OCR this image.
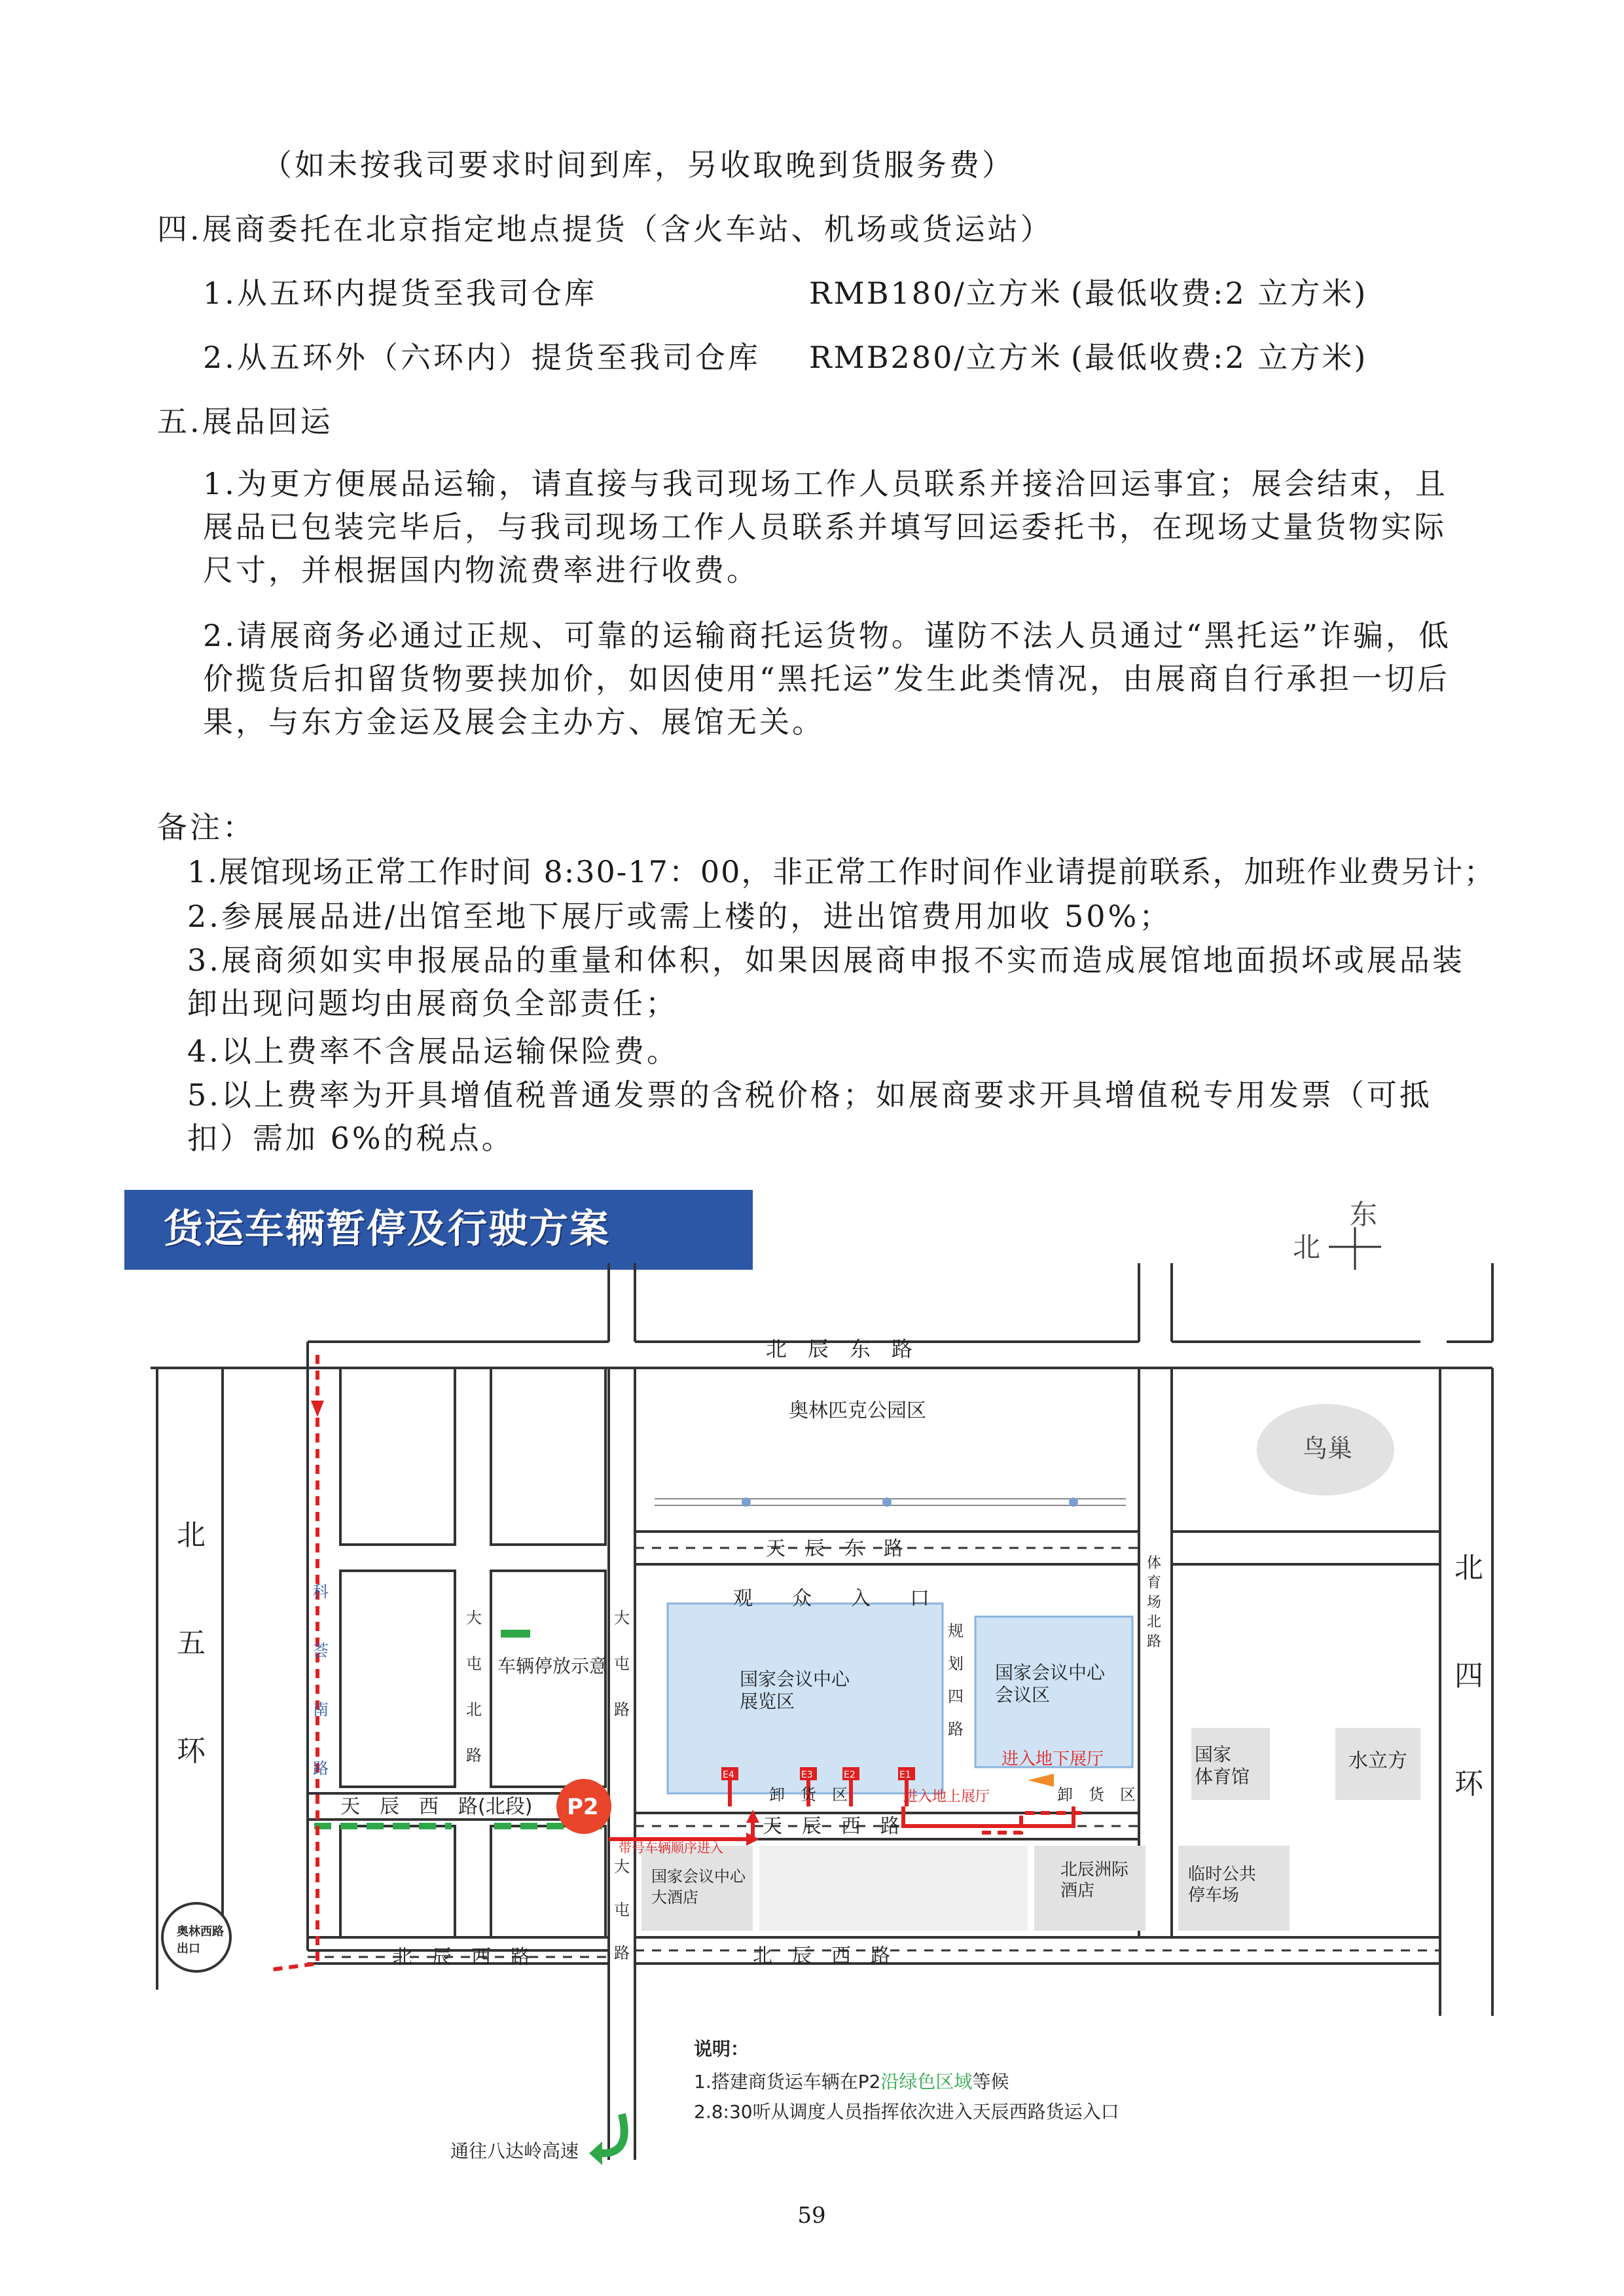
（如未按我司要求时间到库，另收取晚到货服务费）
四.展商委托在北京指定地点提货（含火车站、机场或货运站）
1.从五环内提货至我司仓库	RMB180/立方米 (最低收费:2 立方米)
2.从五环外（六环内）提货至我司仓库 RMB280/立方米 (最低收费:2 立方米)
五.展品回运
1.为更方便展品运输，请直接与我司现场工作人员联系并接洽回运事宜；展会结束，且展品已包装完毕后，与我司现场工作人员联系并填写回运委托书，在现场丈量货物实际尺寸，并根据国内物流费率进行收费。
2.请展商务必通过正规、可靠的运输商托运货物。谨防不法人员通过“黑托运”诈骗，低价揽货后扣留货物要挟加价，如因使用“黑托运”发生此类情况，由展商自行承担一切后果，与东方金运及展会主办方、展馆无关。
备注：
1.展馆现场正常工作时间 8:30-17：00，非正常工作时间作业请提前联系，加班作业费另计；
2.参展展品进/出馆至地下展厅或需上楼的，进出馆费用加收 50%；
3.展商须如实申报展品的重量和体积，如果因展商申报不实而造成展馆地面损坏或展品装卸出现问题均由展商负全部责任；
4.以上费率不含展品运输保险费。
5.以上费率为开具增值税普通发票的含税价格；如展商要求开具增值税专用发票（可抵扣）需加 6%的税点。
货运车辆暂停及行驶方案
北　辰　东　路
天　辰　东　路
天　辰　西　路
天　辰　西　路(北段)
北　辰　西　路	北　辰　西　路
奥林匹克公园区
鸟巢
车辆停放示意
水立方
卸　货　区	卸　货　区
进入地上展厅
进入地下展厅
带号车辆顺序进入
通往八达岭高速
P2
东
北
说明：
1.搭建商货运车辆在P2沿绿色区域等候
2.8:30听从调度人员指挥依次进入天辰西路货运入口
北五环
北四环
科荟南路
大屯北路
大屯路
大屯路
规划四路
体育场北路
观 众 入 口
国家会议中心展览区
国家会议中心会议区
国家体育馆
国家会议中心大酒店
北辰洲际酒店
临时公共停车场
奥林西路出口
E4	E3	E2	E1
59
